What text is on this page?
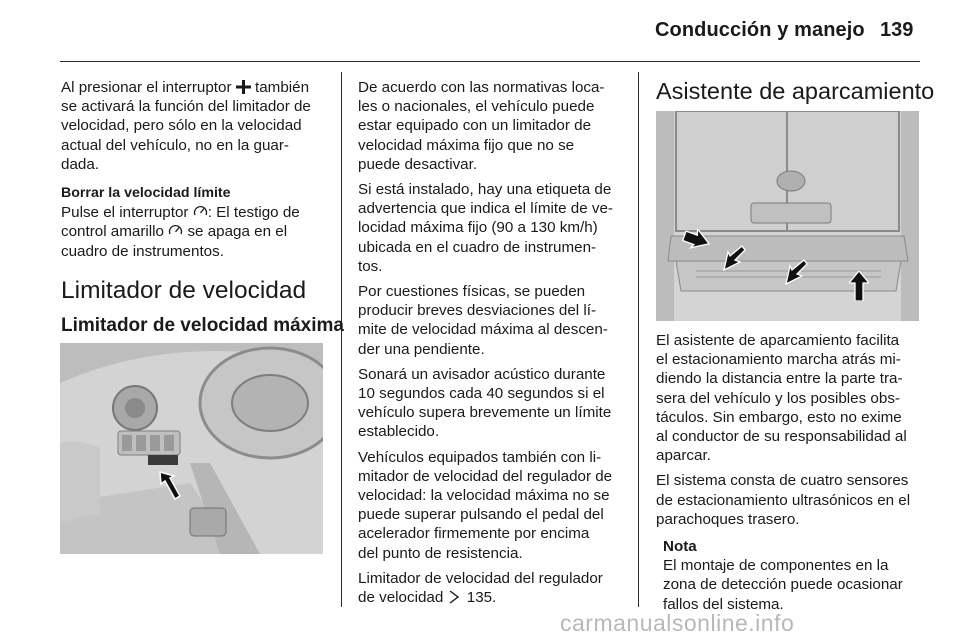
Conducción y manejo 139
Al presionar el interruptor también
se activará la función del limitador de
velocidad, pero sólo en la velocidad
actual del vehículo, no en la guar-
dada.
Borrar la velocidad límite
Pulse el interruptor : El testigo de
control amarillo se apaga en el
cuadro de instrumentos.
Limitador de velocidad
Limitador de velocidad máxima
De acuerdo con las normativas loca-
les o nacionales, el vehículo puede
estar equipado con un limitador de
velocidad máxima fijo que no se
puede desactivar.
Si está instalado, hay una etiqueta de
advertencia que indica el límite de ve-
locidad máxima fijo (90 a 130 km/h)
ubicada en el cuadro de instrumen-
tos.
Por cuestiones físicas, se pueden
producir breves desviaciones del lí-
mite de velocidad máxima al descen-
der una pendiente.
Sonará un avisador acústico durante
10 segundos cada 40 segundos si el
vehículo supera brevemente un límite
establecido.
Vehículos equipados también con li-
mitador de velocidad del regulador de
velocidad: la velocidad máxima no se
puede superar pulsando el pedal del
acelerador firmemente por encima
del punto de resistencia.
Limitador de velocidad del regulador
de velocidad 135.
Asistente de aparcamiento
El asistente de aparcamiento facilita
el estacionamiento marcha atrás mi-
diendo la distancia entre la parte tra-
sera del vehículo y los posibles obs-
táculos. Sin embargo, esto no exime
al conductor de su responsabilidad al
aparcar.
El sistema consta de cuatro sensores
de estacionamiento ultrasónicos en el
parachoques trasero.
Nota
El montaje de componentes en la
zona de detección puede ocasionar
fallos del sistema.
carmanualsonline.info
